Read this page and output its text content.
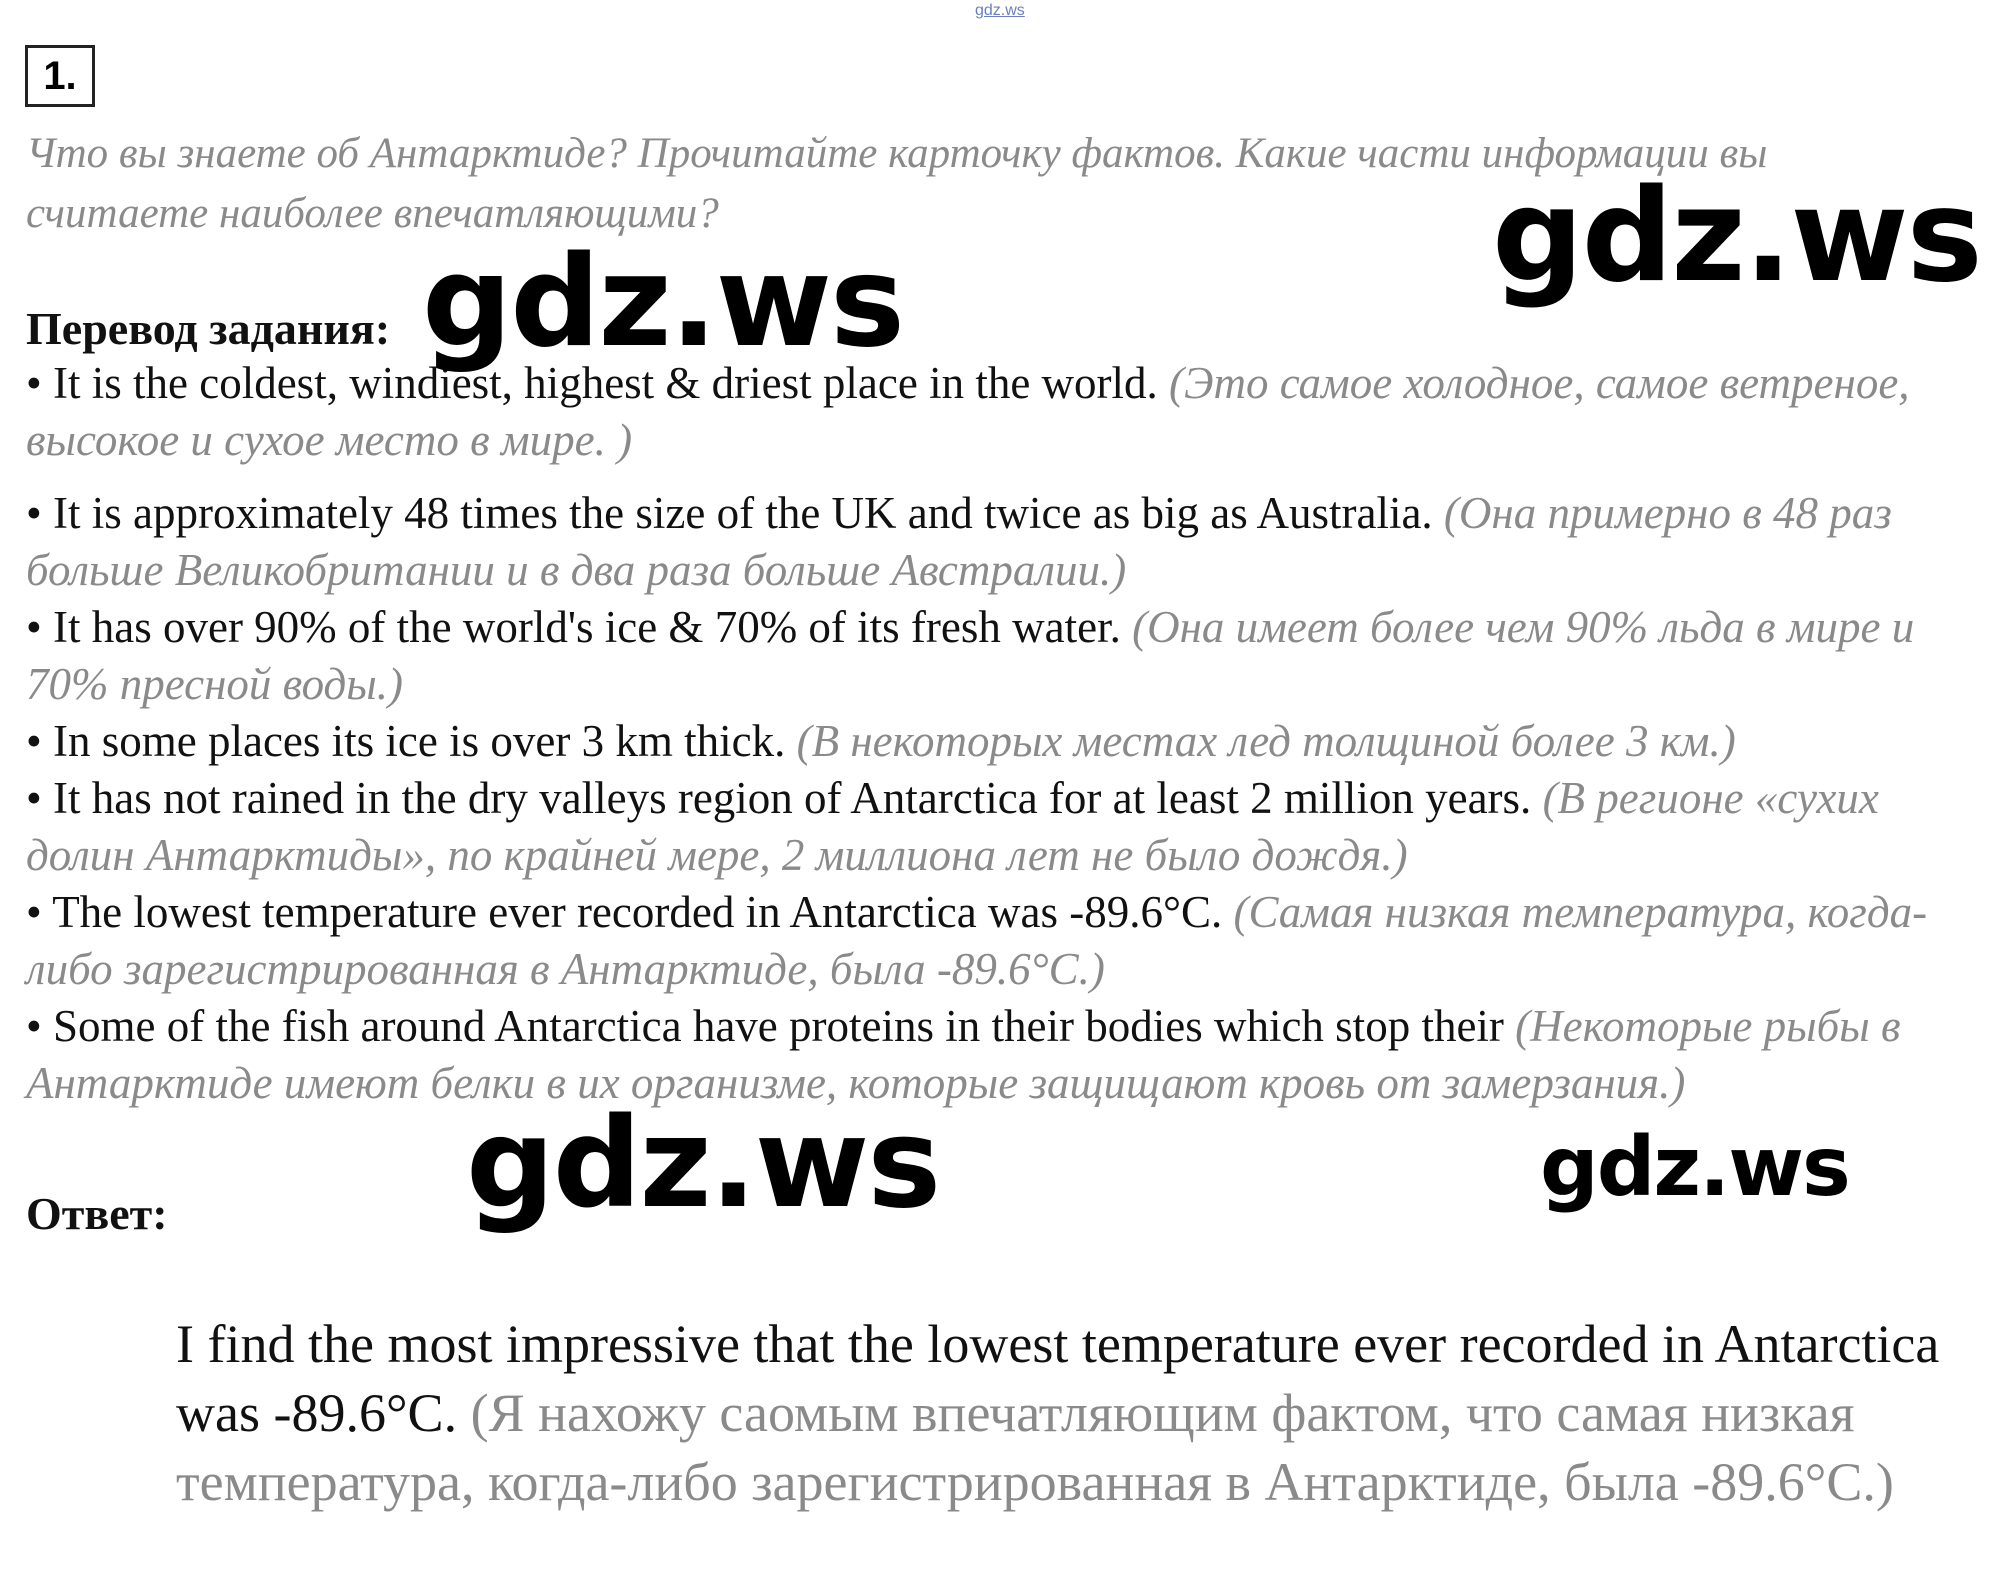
gdz.ws
1.
Что вы знаете об Антарктиде? Прочитайте карточку фактов. Какие части информации вы считаете наиболее впечатляющими?
Перевод задания:
• It is the coldest, windiest, highest & driest place in the world. (Это самое холодное, самое ветреное, высокое и сухое место в мире. )
• It is approximately 48 times the size of the UK and twice as big as Australia. (Она примерно в 48 раз больше Великобритании и в два раза больше Австралии.)
• It has over 90% of the world's ice & 70% of its fresh water. (Она имеет более чем 90% льда в мире и 70% пресной воды.)
• In some places its ice is over 3 km thick. (В некоторых местах лед толщиной более 3 км.)
• It has not rained in the dry valleys region of Antarctica for at least 2 million years. (В регионе «сухих долин Антарктиды», по крайней мере, 2 миллиона лет не было дождя.)
• The lowest temperature ever recorded in Antarctica was -89.6°C. (Самая низкая температура, когда-либо зарегистрированная в Антарктиде, была -89.6°C.)
• Some of the fish around Antarctica have proteins in their bodies which stop their (Некоторые рыбы в Антарктиде имеют белки в их организме, которые защищают кровь от замерзания.)
Ответ:
I find the most impressive that the lowest temperature ever recorded in Antarctica was -89.6°C. (Я нахожу саомым впечатляющим фактом, что самая низкая температура, когда-либо зарегистрированная в Антарктиде, была -89.6°C.)
gdz.ws
gdz.ws
gdz.ws	gdz.ws
